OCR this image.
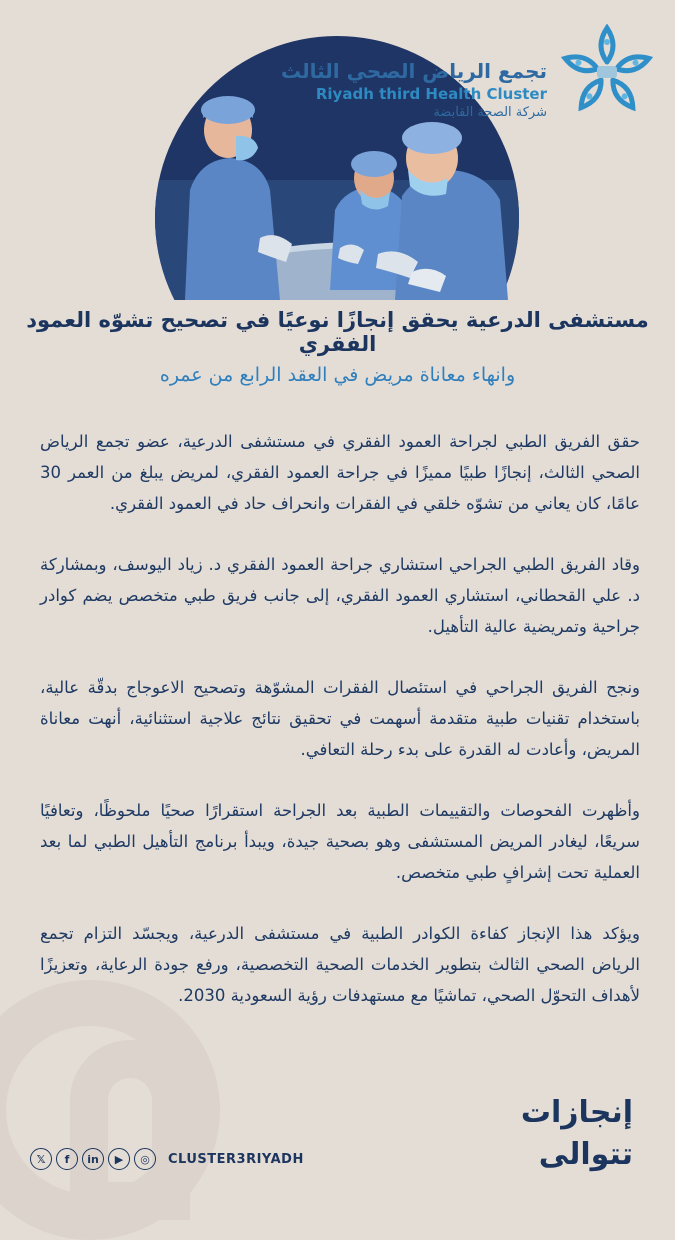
تجمع الرياض الصحي الثالث
Riyadh third Health Cluster
شركة الصحة القابضة
مستشفى الدرعية يحقق إنجازًا نوعيًا في تصحيح تشوّه العمود الفقري
وانهاء معاناة مريض في العقد الرابع من عمره

حقق الفريق الطبي لجراحة العمود الفقري في مستشفى الدرعية، عضو تجمع الرياض الصحي الثالث، إنجازًا طبيًا مميزًا في جراحة العمود الفقري، لمريض يبلغ من العمر 30 عامًا، كان يعاني من تشوّه خلقي في الفقرات وانحراف حاد في العمود الفقري.

وقاد الفريق الطبي الجراحي استشاري جراحة العمود الفقري د. زياد اليوسف، وبمشاركة د. علي القحطاني، استشاري العمود الفقري، إلى جانب فريق طبي متخصص يضم كوادر جراحية وتمريضية عالية التأهيل.

ونجح الفريق الجراحي في استئصال الفقرات المشوّهة وتصحيح الاعوجاج بدقّة عالية، باستخدام تقنيات طبية متقدمة أسهمت في تحقيق نتائج علاجية استثنائية، أنهت معاناة المريض، وأعادت له القدرة على بدء رحلة التعافي.

وأظهرت الفحوصات والتقييمات الطبية بعد الجراحة استقرارًا صحيًا ملحوظًا، وتعافيًا سريعًا، ليغادر المريض المستشفى وهو بصحية جيدة، ويبدأ برنامج التأهيل الطبي لما بعد العملية تحت إشرافٍ طبي متخصص.

ويؤكد هذا الإنجاز كفاءة الكوادر الطبية في مستشفى الدرعية، ويجسّد التزام تجمع الرياض الصحي الثالث بتطوير الخدمات الصحية التخصصية، ورفع جودة الرعاية، وتعزيزًا لأهداف التحوّل الصحي، تماشيًا مع مستهدفات رؤية السعودية 2030.

𝕏	f	in	▶	◎	CLUSTER3RIYADH
إنجازات
تتوالى
